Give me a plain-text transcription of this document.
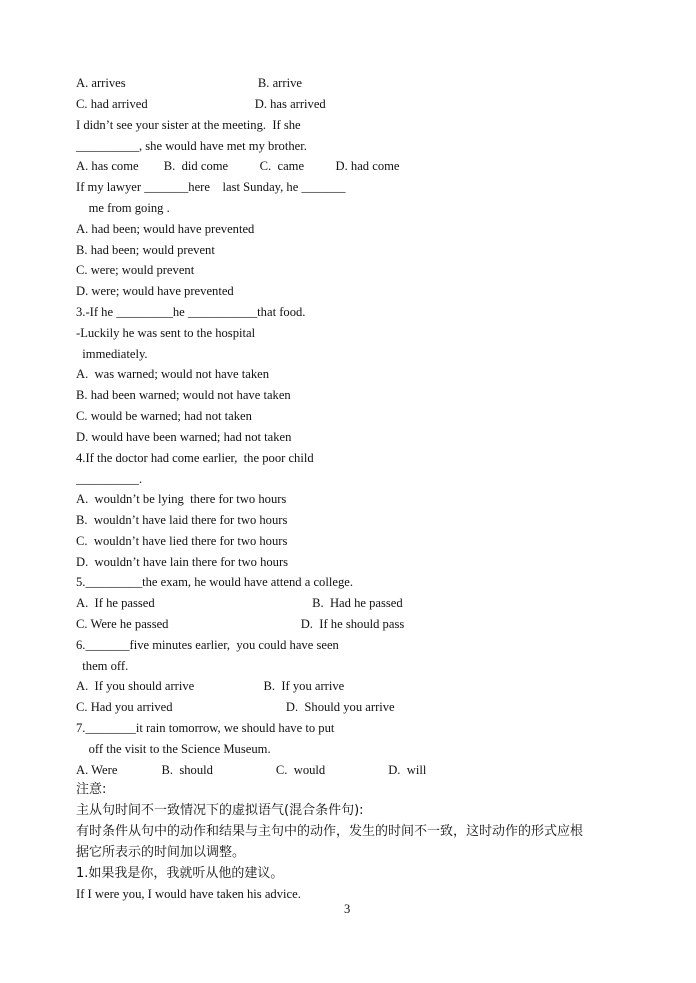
A. arrives                                          B. arrive
C. had arrived                                  D. has arrived
I didn’t see your sister at the meeting.  If she
__________, she would have met my brother.
A. has come        B.  did come          C.  came          D. had come
If my lawyer _______here    last Sunday, he _______
me from going .
A. had been; would have prevented
B. had been; would prevent
C. were; would prevent
D. were; would have prevented
3.-If he _________he ___________that food.
-Luckily he was sent to the hospital
immediately.
A.  was warned; would not have taken
B. had been warned; would not have taken
C. would be warned; had not taken
D. would have been warned; had not taken
4.If the doctor had come earlier,  the poor child
__________.
A.  wouldn’t be lying  there for two hours
B.  wouldn’t have laid there for two hours
C.  wouldn’t have lied there for two hours
D.  wouldn’t have lain there for two hours
5._________the exam, he would have attend a college.
A.  If he passed                                                  B.  Had he passed
C. Were he passed                                          D.  If he should pass
6._______five minutes earlier,  you could have seen
them off.
A.  If you should arrive                      B.  If you arrive
C. Had you arrived                                    D.  Should you arrive
7.________it rain tomorrow, we should have to put
off the visit to the Science Museum.
A. Were              B.  should                    C.  would                    D.  will
注意:
主从句时间不一致情况下的虚拟语气(混合条件句):
有时条件从句中的动作和结果与主句中的动作，发生的时间不一致，这时动作的形式应根
据它所表示的时间加以调整。
1.如果我是你，我就听从他的建议。
If I were you, I would have taken his advice.
3
